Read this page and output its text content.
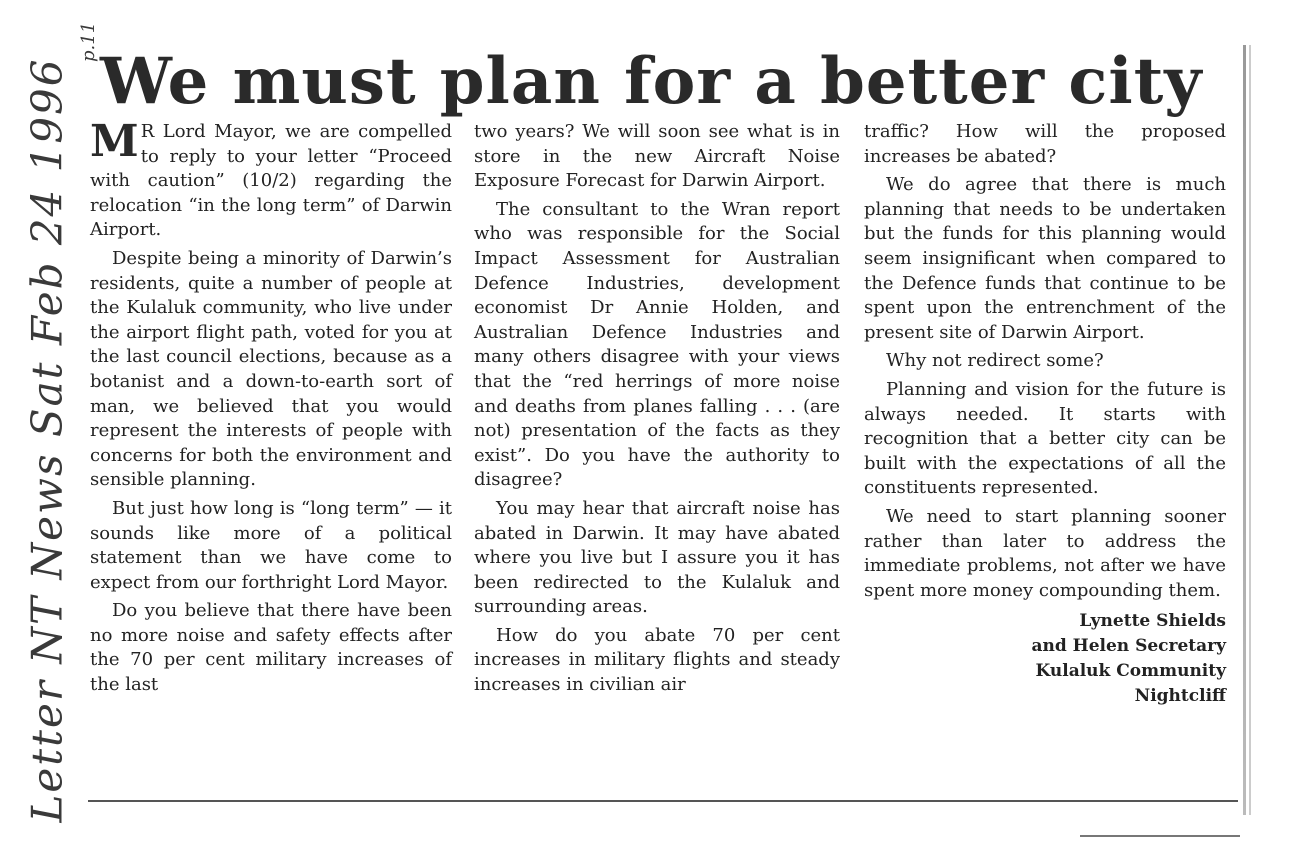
Letter NT News Sat Feb 24 1996
p.11
We must plan for a better city

M R Lord Mayor, we are compelled to reply to your letter “Proceed with caution” (10/2) regarding the relocation “in the long term” of Darwin Airport.

Despite being a minority of Darwin’s residents, quite a number of people at the Kulaluk community, who live under the airport flight path, voted for you at the last council elections, because as a botanist and a down-to-earth sort of man, we believed that you would represent the interests of people with concerns for both the environment and sensible planning.

But just how long is “long term” — it sounds like more of a political statement than we have come to expect from our forthright Lord Mayor.

Do you believe that there have been no more noise and safety effects after the 70 per cent military increases of the last

two years? We will soon see what is in store in the new Aircraft Noise Exposure Forecast for Darwin Airport.

The consultant to the Wran report who was responsible for the Social Impact Assessment for Australian Defence Industries, development economist Dr Annie Holden, and Australian Defence Industries and many others disagree with your views that the “red herrings of more noise and deaths from planes falling . . . (are not) presentation of the facts as they exist”. Do you have the authority to disagree?

You may hear that aircraft noise has abated in Darwin. It may have abated where you live but I assure you it has been redirected to the Kulaluk and surrounding areas.

How do you abate 70 per cent increases in military flights and steady increases in civilian air

traffic? How will the proposed increases be abated?

We do agree that there is much planning that needs to be undertaken but the funds for this planning would seem insignificant when compared to the Defence funds that continue to be spent upon the entrenchment of the present site of Darwin Airport.

Why not redirect some?

Planning and vision for the future is always needed. It starts with recognition that a better city can be built with the expectations of all the constituents represented.

We need to start planning sooner rather than later to address the immediate problems, not after we have spent more money compounding them.

Lynette Shields
and Helen Secretary
Kulaluk Community
Nightcliff
